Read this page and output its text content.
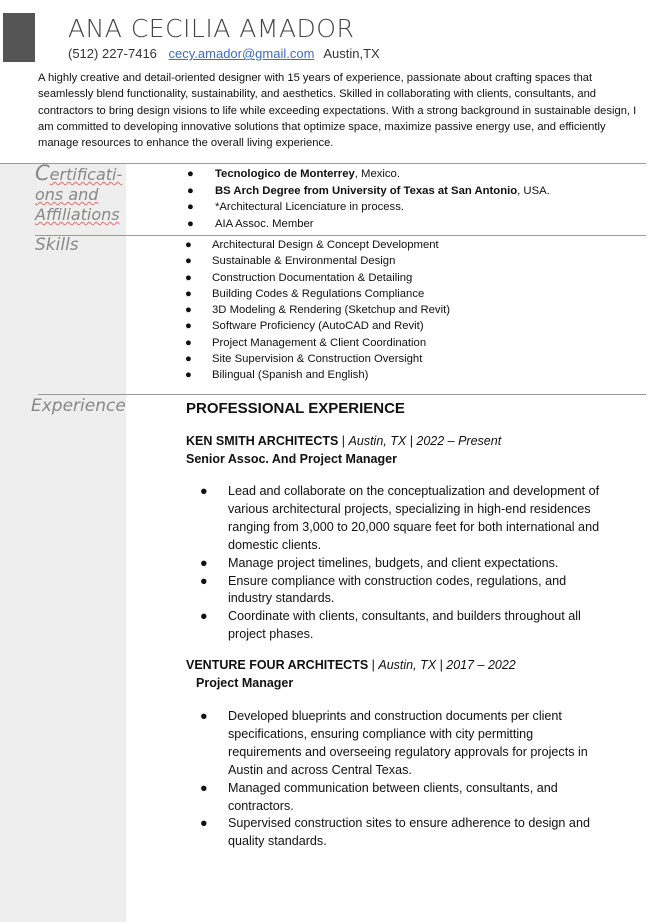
ANA CECILIA AMADOR
(512) 227-7416 cecy.amador@gmail.com Austin,TX
A highly creative and detail-oriented designer with 15 years of experience, passionate about crafting spaces that seamlessly blend functionality, sustainability, and aesthetics. Skilled in collaborating with clients, consultants, and contractors to bring design visions to life while exceeding expectations. With a strong background in sustainable design, I am committed to developing innovative solutions that optimize space, maximize passive energy use, and efficiently manage resources to enhance the overall living experience.
Certificati-
ons and
Affiliations
● Tecnologico de Monterrey, Mexico.
● BS Arch Degree from University of Texas at San Antonio, USA.
● *Architectural Licenciature in process.
● AIA Assoc. Member
Skills	● Architectural Design & Concept Development
● Sustainable & Environmental Design
● Construction Documentation & Detailing
● Building Codes & Regulations Compliance
● 3D Modeling & Rendering (Sketchup and Revit)
● Software Proficiency (AutoCAD and Revit)
● Project Management & Client Coordination
● Site Supervision & Construction Oversight
● Bilingual (Spanish and English)
Experience	PROFESSIONAL EXPERIENCE
KEN SMITH ARCHITECTS | Austin, TX | 2022 – Present
Senior Assoc. And Project Manager
● Lead and collaborate on the conceptualization and development of various architectural projects, specializing in high-end residences ranging from 3,000 to 20,000 square feet for both international and domestic clients.
● Manage project timelines, budgets, and client expectations.
● Ensure compliance with construction codes, regulations, and industry standards.
● Coordinate with clients, consultants, and builders throughout all project phases.
VENTURE FOUR ARCHITECTS | Austin, TX | 2017 – 2022
Project Manager
● Developed blueprints and construction documents per client specifications, ensuring compliance with city permitting requirements and overseeing regulatory approvals for projects in Austin and across Central Texas.
● Managed communication between clients, consultants, and contractors.
● Supervised construction sites to ensure adherence to design and quality standards.
